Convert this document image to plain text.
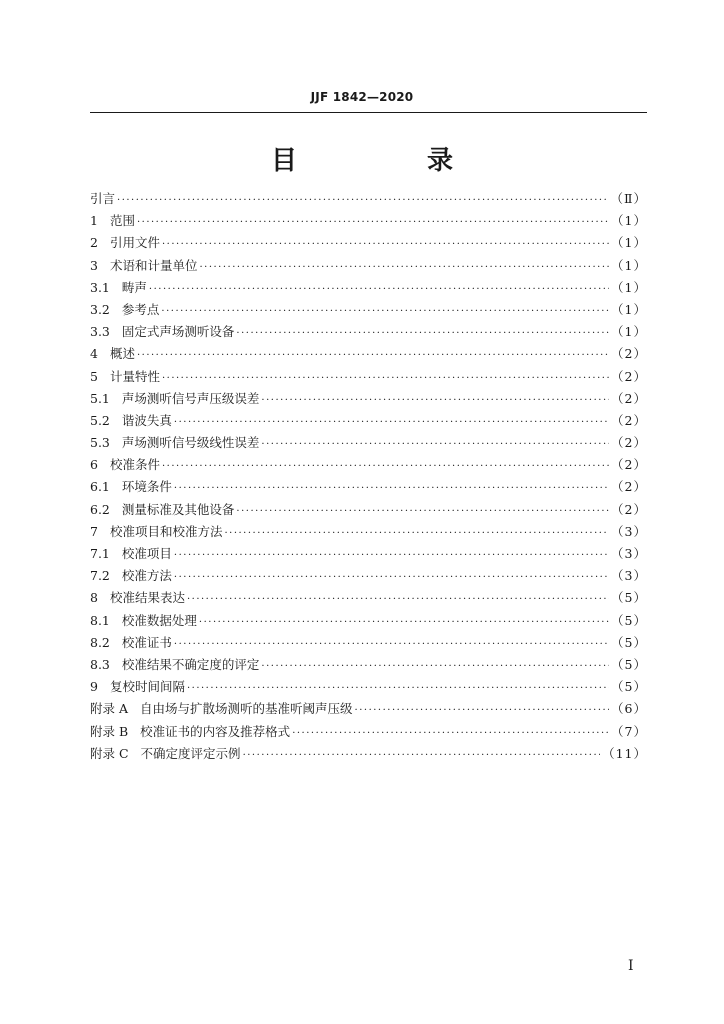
JJF 1842—2020
目　录
引言 ·····	（Ⅱ）
1 范围 ·····	（1）
2 引用文件 ·····	（1）
3 术语和计量单位 ·····	（1）
3.1 畴声 ·····	（1）
3.2 参考点 ·····	（1）
3.3 固定式声场测听设备 ·····	（1）
4 概述 ·····	（2）
5 计量特性 ·····	（2）
5.1 声场测听信号声压级误差 ·····	（2）
5.2 谐波失真 ·····	（2）
5.3 声场测听信号级线性误差 ·····	（2）
6 校准条件 ·····	（2）
6.1 环境条件 ·····	（2）
6.2 测量标准及其他设备 ·····	（2）
7 校准项目和校准方法 ·····	（3）
7.1 校准项目 ·····	（3）
7.2 校准方法 ·····	（3）
8 校准结果表达 ·····	（5）
8.1 校准数据处理 ·····	（5）
8.2 校准证书 ·····	（5）
8.3 校准结果不确定度的评定 ·····	（5）
9 复校时间间隔 ·····	（5）
附录 A 自由场与扩散场测听的基准听阈声压级 ·····	（6）
附录 B 校准证书的内容及推荐格式 ·····	（7）
附录 C 不确定度评定示例 ·····	（11）
I
